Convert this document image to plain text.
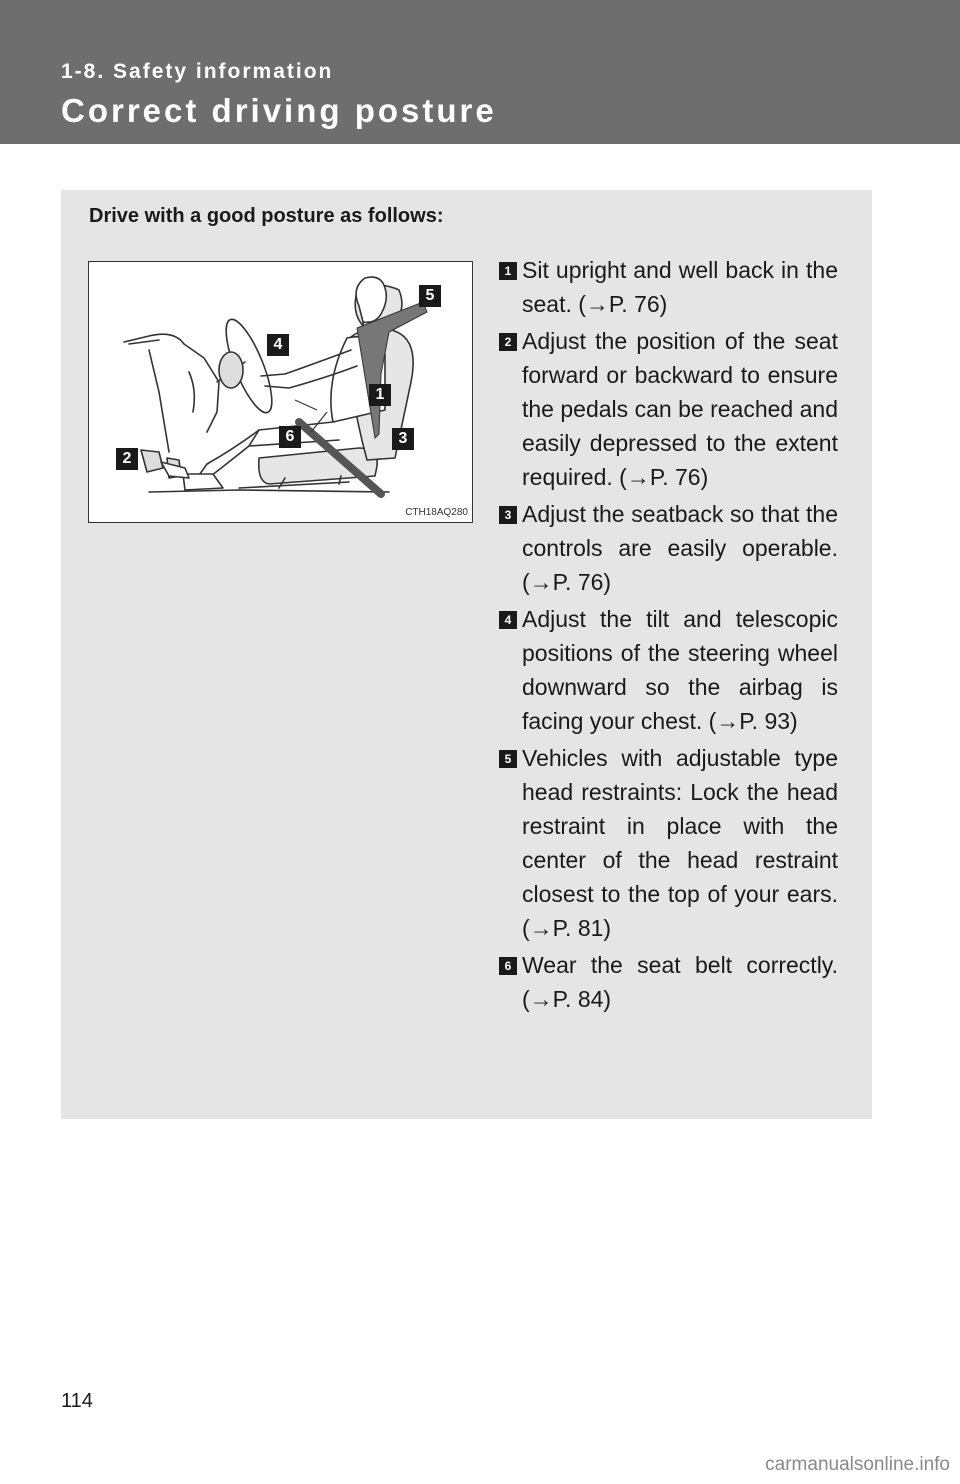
1-8. Safety information
Correct driving posture
Drive with a good posture as follows:
1
2
3
4
5
6
CTH18AQ280
1 Sit upright and well back in the seat. (→P. 76)
2 Adjust the position of the seat forward or backward to ensure the pedals can be reached and easily depressed to the extent required. (→P. 76)
3 Adjust the seatback so that the controls are easily operable. (→P. 76)
4 Adjust the tilt and telescopic positions of the steering wheel downward so the airbag is facing your chest. (→P. 93)
5 Vehicles with adjustable type head restraints: Lock the head restraint in place with the center of the head restraint closest to the top of your ears. (→P. 81)
6 Wear the seat belt correctly. (→P. 84)
114
carmanualsonline.info
